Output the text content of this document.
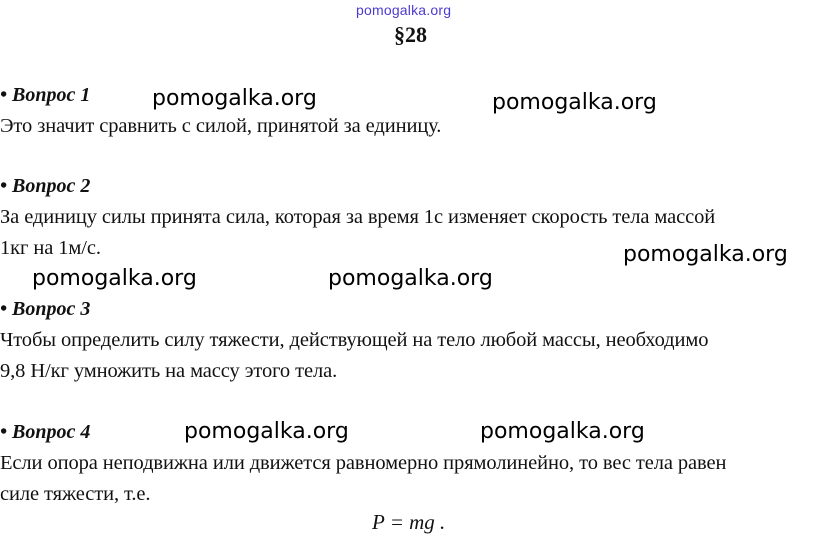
pomogalka.org
§28
• Вопрос 1
Это значит сравнить с силой, принятой за единицу.
• Вопрос 2
За единицу силы принята сила, которая за время 1с изменяет скорость тела массой
1кг на 1м/с.
• Вопрос 3
Чтобы определить силу тяжести, действующей на тело любой массы, необходимо
9,8 Н/кг умножить на массу этого тела.
• Вопрос 4
Если опора неподвижна или движется равномерно прямолинейно, то вес тела равен
силе тяжести, т.е.
P = mg .
pomogalka.org	pomogalka.org
pomogalka.org
pomogalka.org	pomogalka.org
pomogalka.org	pomogalka.org
